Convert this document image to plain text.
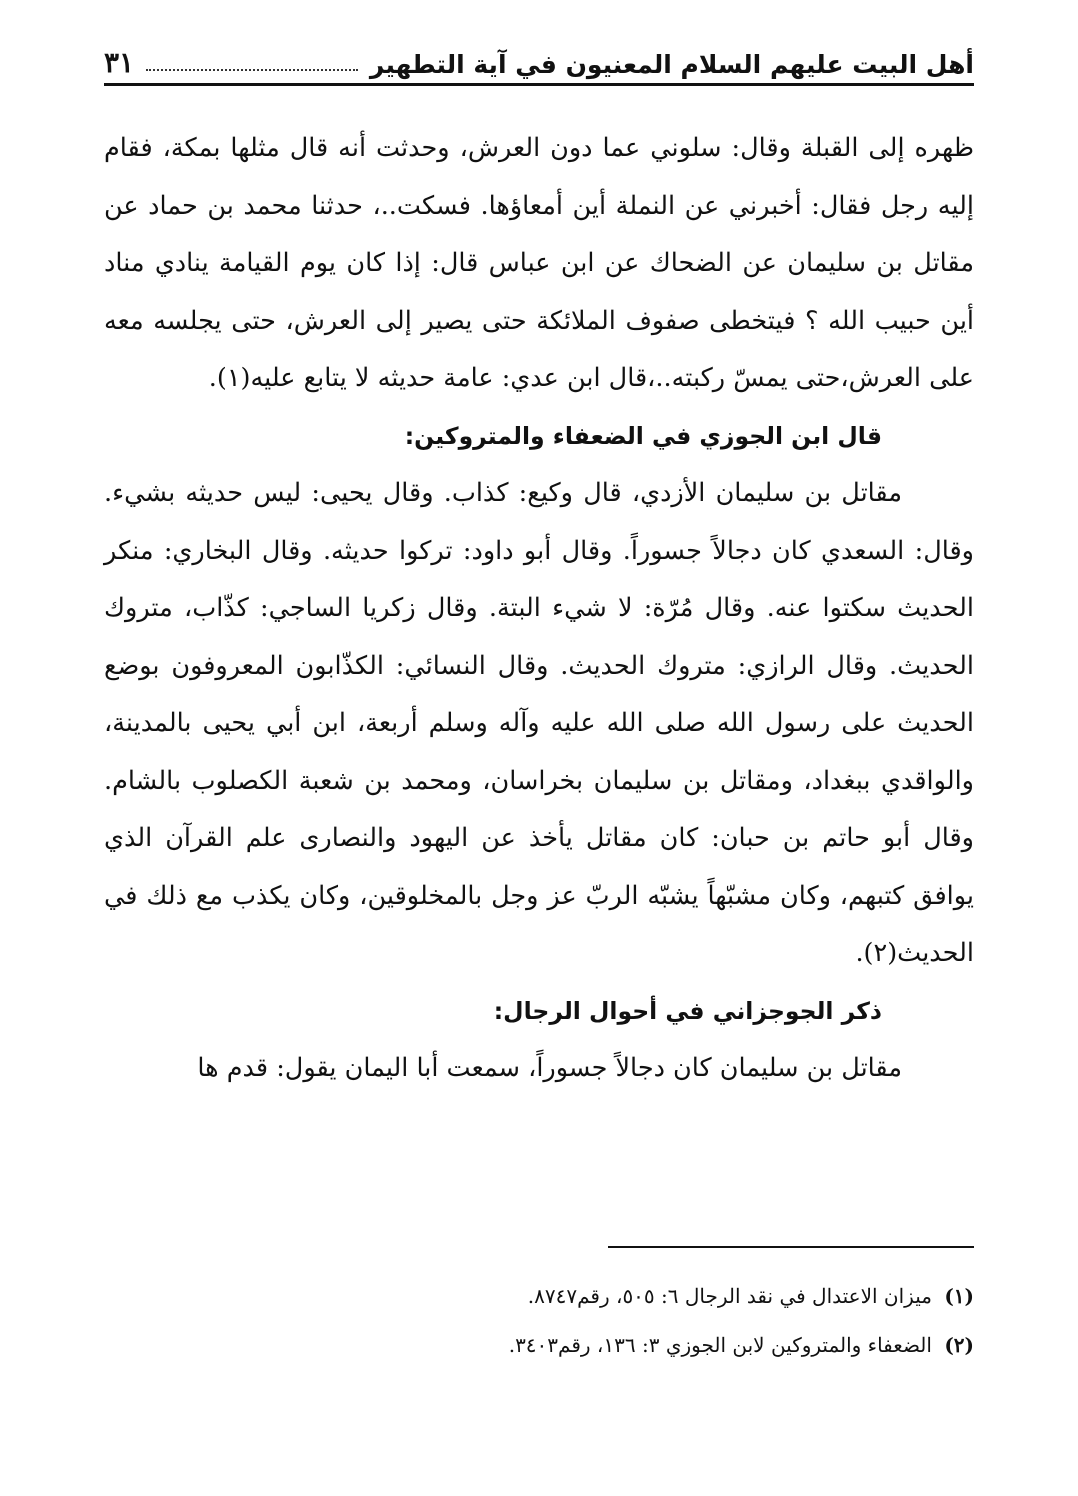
أهل البيت عليهم السلام المعنيون في آية التطهير
٣١

ظهره إلى القبلة وقال: سلوني عما دون العرش، وحدثت أنه قال مثلها بمكة، فقام إليه رجل فقال: أخبرني عن النملة أين أمعاؤها. فسكت..، حدثنا محمد بن حماد عن مقاتل بن سليمان عن الضحاك عن ابن عباس قال: إذا كان يوم القيامة ينادي مناد أين حبيب الله ؟ فيتخطى صفوف الملائكة حتى يصير إلى العرش، حتى يجلسه معه على العرش،حتى يمسّ ركبته..،قال ابن عدي: عامة حديثه لا يتابع عليه(١).

قال ابن الجوزي في الضعفاء والمتروكين:

مقاتل بن سليمان الأزدي، قال وكيع: كذاب. وقال يحيى: ليس حديثه بشيء. وقال: السعدي كان دجالاً جسوراً. وقال أبو داود: تركوا حديثه. وقال البخاري: منكر الحديث سكتوا عنه. وقال مُرّة: لا شيء البتة. وقال زكريا الساجي: كذّاب، متروك الحديث. وقال الرازي: متروك الحديث. وقال النسائي: الكذّابون المعروفون بوضع الحديث على رسول الله صلى الله عليه وآله وسلم أربعة، ابن أبي يحيى بالمدينة، والواقدي ببغداد، ومقاتل بن سليمان بخراسان، ومحمد بن شعبة الكصلوب بالشام. وقال أبو حاتم بن حبان: كان مقاتل يأخذ عن اليهود والنصارى علم القرآن الذي يوافق كتبهم، وكان مشبّهاً يشبّه الربّ عز وجل بالمخلوقين، وكان يكذب مع ذلك في الحديث(٢).

ذكر الجوجزاني في أحوال الرجال:

مقاتل بن سليمان كان دجالاً جسوراً، سمعت أبا اليمان يقول: قدم ها

(١) ميزان الاعتدال في نقد الرجال ٦: ٥٠٥، رقم٨٧٤٧.

(٢) الضعفاء والمتروكين لابن الجوزي ٣: ١٣٦، رقم٣٤٠٣.
